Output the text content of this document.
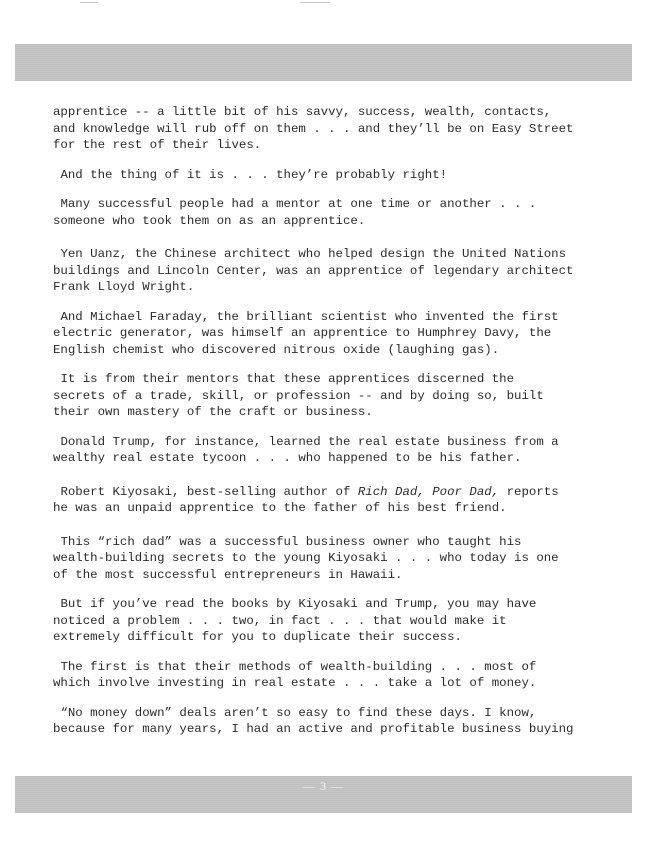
apprentice -- a little bit of his savvy, success, wealth, contacts,
and knowledge will rub off on them . . . and they’ll be on Easy Street
for the rest of their lives.

And the thing of it is . . . they’re probably right!

Many successful people had a mentor at one time or another . . .
someone who took them on as an apprentice.

Yen Uanz, the Chinese architect who helped design the United Nations
buildings and Lincoln Center, was an apprentice of legendary architect
Frank Lloyd Wright.

And Michael Faraday, the brilliant scientist who invented the first
electric generator, was himself an apprentice to Humphrey Davy, the
English chemist who discovered nitrous oxide (laughing gas).

It is from their mentors that these apprentices discerned the
secrets of a trade, skill, or profession -- and by doing so, built
their own mastery of the craft or business.

Donald Trump, for instance, learned the real estate business from a
wealthy real estate tycoon . . . who happened to be his father.

Robert Kiyosaki, best-selling author of Rich Dad, Poor Dad, reports
he was an unpaid apprentice to the father of his best friend.

This “rich dad” was a successful business owner who taught his
wealth-building secrets to the young Kiyosaki . . . who today is one
of the most successful entrepreneurs in Hawaii.

But if you’ve read the books by Kiyosaki and Trump, you may have
noticed a problem . . . two, in fact . . . that would make it
extremely difficult for you to duplicate their success.

The first is that their methods of wealth-building . . . most of
which involve investing in real estate . . . take a lot of money.

“No money down” deals aren’t so easy to find these days. I know,
because for many years, I had an active and profitable business buying

— 3 —
